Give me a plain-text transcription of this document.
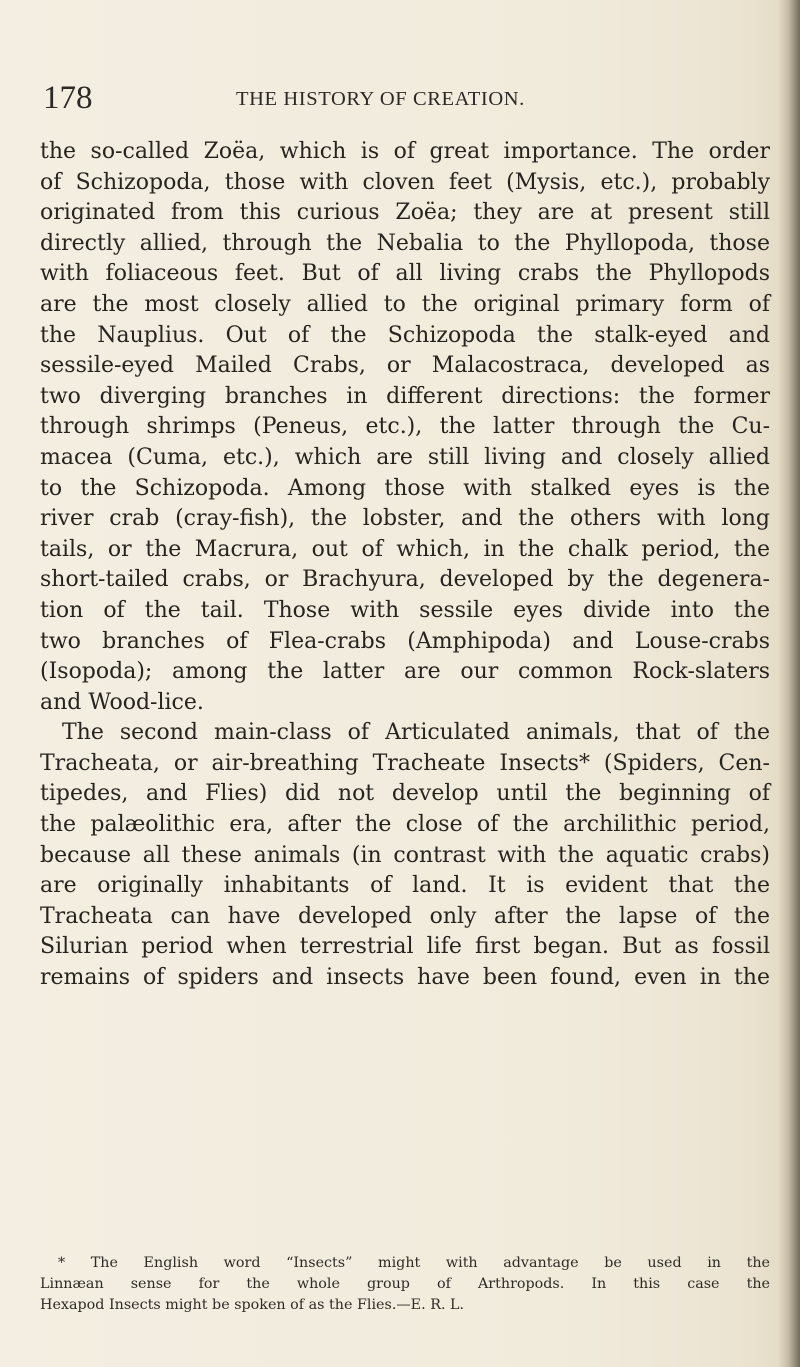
178	THE HISTORY OF CREATION.
the so-called Zoëa, which is of great importance. The order
of Schizopoda, those with cloven feet (Mysis, etc.), probably
originated from this curious Zoëa; they are at present still
directly allied, through the Nebalia to the Phyllopoda, those
with foliaceous feet. But of all living crabs the Phyllopods
are the most closely allied to the original primary form of
the Nauplius. Out of the Schizopoda the stalk-eyed and
sessile-eyed Mailed Crabs, or Malacostraca, developed as
two diverging branches in different directions: the former
through shrimps (Peneus, etc.), the latter through the Cu-
macea (Cuma, etc.), which are still living and closely allied
to the Schizopoda. Among those with stalked eyes is the
river crab (cray-fish), the lobster, and the others with long
tails, or the Macrura, out of which, in the chalk period, the
short-tailed crabs, or Brachyura, developed by the degenera-
tion of the tail. Those with sessile eyes divide into the
two branches of Flea-crabs (Amphipoda) and Louse-crabs
(Isopoda); among the latter are our common Rock-slaters
and Wood-lice.
The second main-class of Articulated animals, that of the
Tracheata, or air-breathing Tracheate Insects* (Spiders, Cen-
tipedes, and Flies) did not develop until the beginning of
the palæolithic era, after the close of the archilithic period,
because all these animals (in contrast with the aquatic crabs)
are originally inhabitants of land. It is evident that the
Tracheata can have developed only after the lapse of the
Silurian period when terrestrial life first began. But as fossil
remains of spiders and insects have been found, even in the
* The English word “Insects” might with advantage be used in the
Linnæan sense for the whole group of Arthropods. In this case the
Hexapod Insects might be spoken of as the Flies.—E. R. L.
